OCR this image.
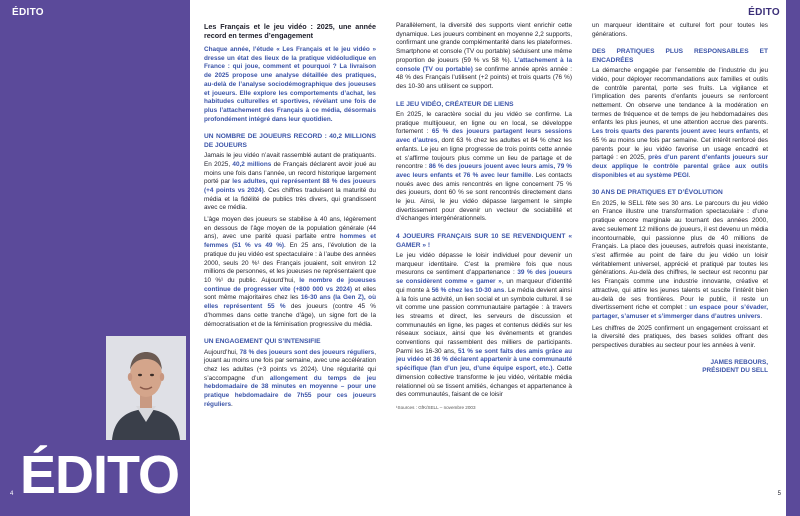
ÉDITO	ÉDITO
ÉDITO
4	5

Les Français et le jeu vidéo : 2025, une année record en termes d’engagement

Chaque année, l’étude « Les Français et le jeu vidéo » dresse un état des lieux de la pratique vidéoludique en France : qui joue, comment et pourquoi ? La livraison de 2025 propose une analyse détaillée des pratiques, au-delà de l’analyse sociodémographique des joueuses et joueurs. Elle explore les comportements d’achat, les habitudes culturelles et sportives, révélant une fois de plus l’attachement des Français à ce média, désormais profondément intégré dans leur quotidien.

UN NOMBRE DE JOUEURS RECORD : 40,2 MILLIONS DE JOUEURS

Jamais le jeu vidéo n’avait rassemblé autant de pratiquants. En 2025, 40,2 millions de Français déclarent avoir joué au moins une fois dans l’année, un record historique largement porté par les adultes, qui représentent 88 % des joueurs (+4 points vs 2024). Ces chiffres traduisent la maturité du média et la fidélité de publics très divers, qui grandissent avec ce média.

L’âge moyen des joueurs se stabilise à 40 ans, légèrement en dessous de l’âge moyen de la population générale (44 ans), avec une parité quasi parfaite entre hommes et femmes (51 % vs 49 %). En 25 ans, l’évolution de la pratique du jeu vidéo est spectaculaire : à l’aube des années 2000, seuls 20 %¹ des Français jouaient, soit environ 12 millions de personnes, et les joueuses ne représentaient que 10 %¹ du public. Aujourd’hui, le nombre de joueuses continue de progresser vite (+800 000 vs 2024) et elles sont même majoritaires chez les 16-30 ans (la Gen Z), où elles représentent 55 % des joueurs (contre 45 % d’hommes dans cette tranche d’âge), un signe fort de la démocratisation et de la féminisation progressive du média.

UN ENGAGEMENT QUI S’INTENSIFIE

Aujourd’hui, 78 % des joueurs sont des joueurs réguliers, jouant au moins une fois par semaine, avec une accélération chez les adultes (+3 points vs 2024). Une régularité qui s’accompagne d’un allongement du temps de jeu hebdomadaire de 38 minutes en moyenne – pour une pratique hebdomadaire de 7h55 pour ces joueurs réguliers.

Parallèlement, la diversité des supports vient enrichir cette dynamique. Les joueurs combinent en moyenne 2,2 supports, confirmant une grande complémentarité dans les plateformes. Smartphone et console (TV ou portable) séduisent une même proportion de joueurs (59 % vs 58 %). L’attachement à la console (TV ou portable) se confirme année après année : 48 % des Français l’utilisent (+2 points) et trois quarts (76 %) des 10-30 ans utilisent ce support.

LE JEU VIDÉO, CRÉATEUR DE LIENS

En 2025, le caractère social du jeu vidéo se confirme. La pratique multijoueur, en ligne ou en local, se développe fortement : 65 % des joueurs partagent leurs sessions avec d’autres, dont 63 % chez les adultes et 84 % chez les enfants. Le jeu en ligne progresse de trois points cette année et s’affirme toujours plus comme un lieu de partage et de rencontre : 86 % des joueurs jouent avec leurs amis, 79 % avec leurs enfants et 76 % avec leur famille. Les contacts noués avec des amis rencontrés en ligne concernent 75 % des joueurs, dont 60 % se sont rencontrés directement dans le jeu. Ainsi, le jeu vidéo dépasse largement le simple divertissement pour devenir un vecteur de sociabilité et d’échanges intergénérationnels.

4 JOUEURS FRANÇAIS SUR 10 SE REVENDIQUENT « GAMER » !

Le jeu vidéo dépasse le loisir individuel pour devenir un marqueur identitaire. C’est la première fois que nous mesurons ce sentiment d’appartenance : 39 % des joueurs se considèrent comme « gamer », un marqueur d’identité qui monte à 56 % chez les 10-30 ans. Le média devient ainsi à la fois une activité, un lien social et un symbole culturel. Il se vit comme une passion communautaire partagée : à travers les streams et direct, les serveurs de discussion et communautés en ligne, les pages et contenus dédiés sur les réseaux sociaux, ainsi que les événements et grandes conventions qui rassemblent des milliers de participants. Parmi les 16-30 ans, 51 % se sont faits des amis grâce au jeu vidéo et 36 % déclarent appartenir à une communauté spécifique (fan d’un jeu, d’une équipe esport, etc.). Cette dimension collective transforme le jeu vidéo, véritable média relationnel où se tissent amitiés, échanges et appartenance à des communautés, faisant de ce loisir

¹Sources : GfK/SELL – novembre 2003

un marqueur identitaire et culturel fort pour toutes les générations.

DES PRATIQUES PLUS RESPONSABLES ET ENCADRÉES

La démarche engagée par l’ensemble de l’industrie du jeu vidéo, pour déployer recommandations aux familles et outils de contrôle parental, porte ses fruits. La vigilance et l’implication des parents d’enfants joueurs se renforcent nettement. On observe une tendance à la modération en termes de fréquence et de temps de jeu hebdomadaires des enfants les plus jeunes, et une attention accrue des parents. Les trois quarts des parents jouent avec leurs enfants, et 65 % au moins une fois par semaine. Cet intérêt renforcé des parents pour le jeu vidéo favorise un usage encadré et partagé : en 2025, près d’un parent d’enfants joueurs sur deux applique le contrôle parental grâce aux outils disponibles et au système PEGI.

30 ANS DE PRATIQUES ET D’ÉVOLUTION

En 2025, le SELL fête ses 30 ans. Le parcours du jeu vidéo en France illustre une transformation spectaculaire : d’une pratique encore marginale au tournant des années 2000, avec seulement 12 millions de joueurs, il est devenu un média incontournable, qui passionne plus de 40 millions de Français. La place des joueuses, autrefois quasi inexistante, s’est affirmée au point de faire du jeu vidéo un loisir véritablement universel, apprécié et pratiqué par toutes les générations. Au-delà des chiffres, le secteur est reconnu par les Français comme une industrie innovante, créative et attractive, qui attire les jeunes talents et suscite l’intérêt bien au-delà de ses frontières. Pour le public, il reste un divertissement riche et complet : un espace pour s’évader, partager, s’amuser et s’immerger dans d’autres univers.

Les chiffres de 2025 confirment un engagement croissant et la diversité des pratiques, des bases solides offrant des perspectives durables au secteur pour les années à venir.

JAMES REBOURS,
PRÉSIDENT DU SELL
